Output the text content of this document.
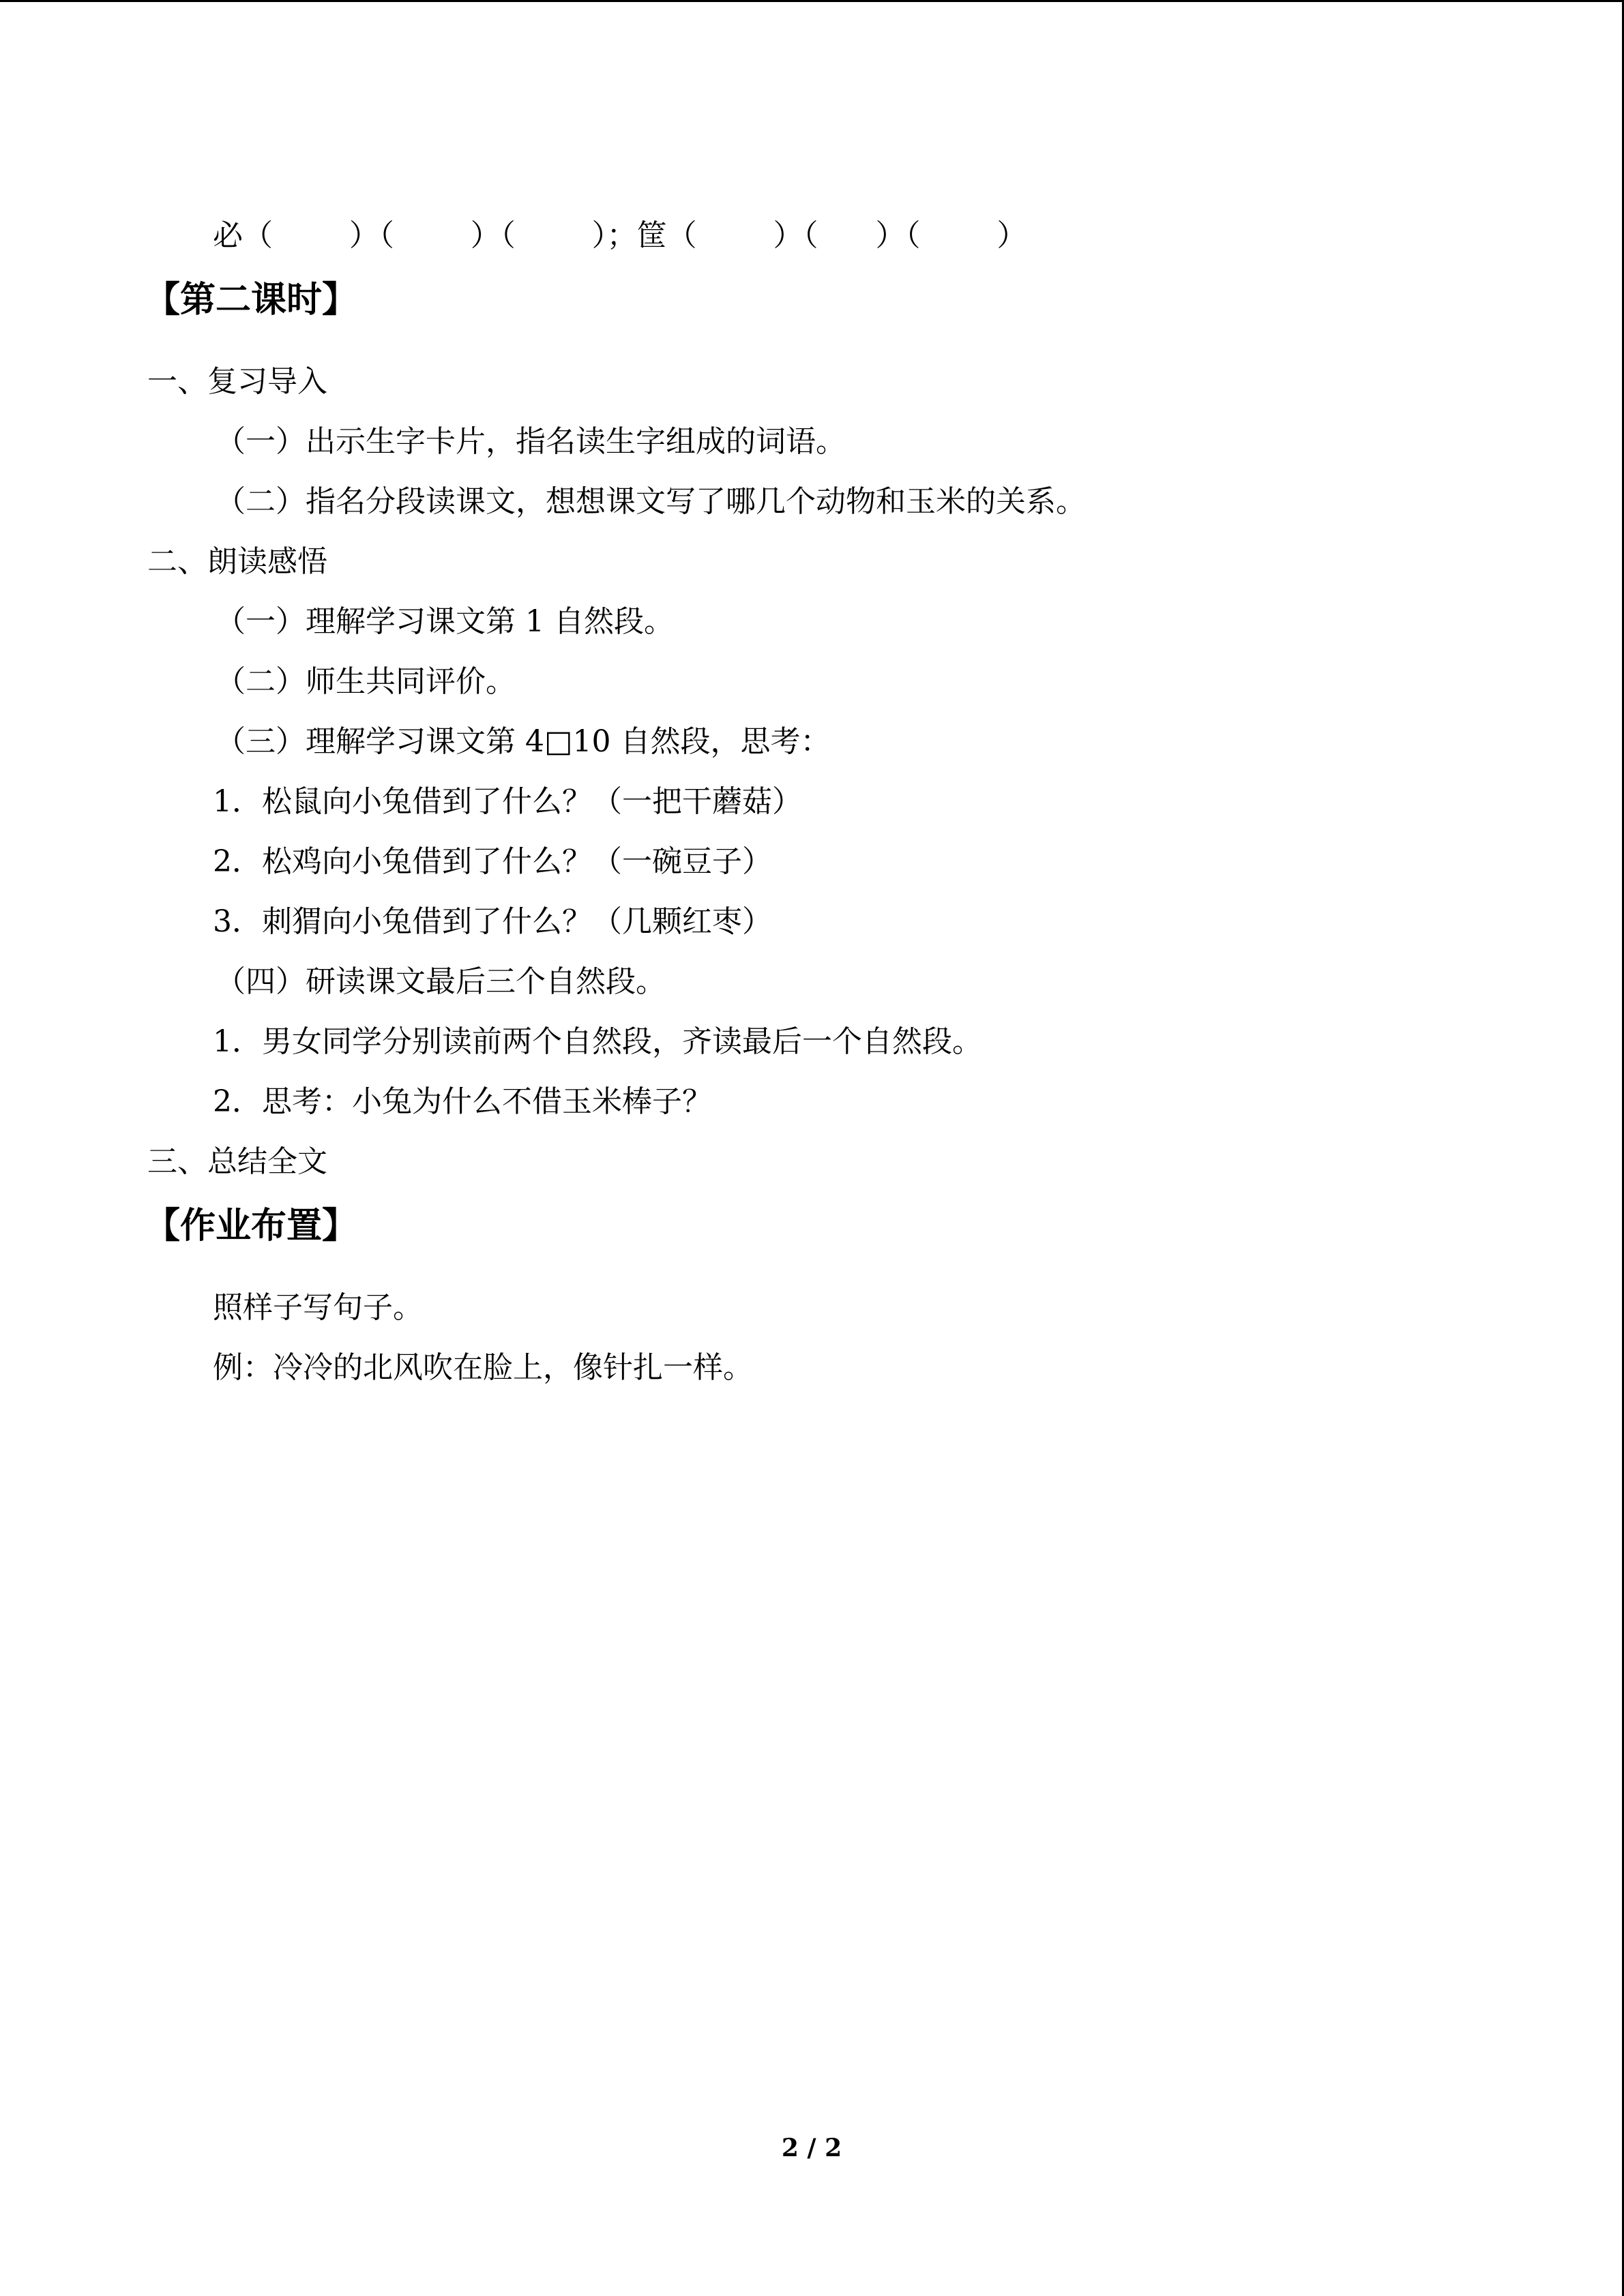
必（        ）（        ）（        ）；筐（        ）（      ）（        ）
【第二课时】
一、复习导入
（一）出示生字卡片，指名读生字组成的词语。
（二）指名分段读课文，想想课文写了哪几个动物和玉米的关系。
二、朗读感悟
（一）理解学习课文第 1 自然段。
（二）师生共同评价。
（三）理解学习课文第 4□10 自然段，思考：
1．松鼠向小兔借到了什么？（一把干蘑菇）
2．松鸡向小兔借到了什么？（一碗豆子）
3．刺猬向小兔借到了什么？（几颗红枣）
（四）研读课文最后三个自然段。
1．男女同学分别读前两个自然段，齐读最后一个自然段。
2．思考：小兔为什么不借玉米棒子？
三、总结全文
【作业布置】
照样子写句子。
例：冷冷的北风吹在脸上，像针扎一样。
2 / 2
